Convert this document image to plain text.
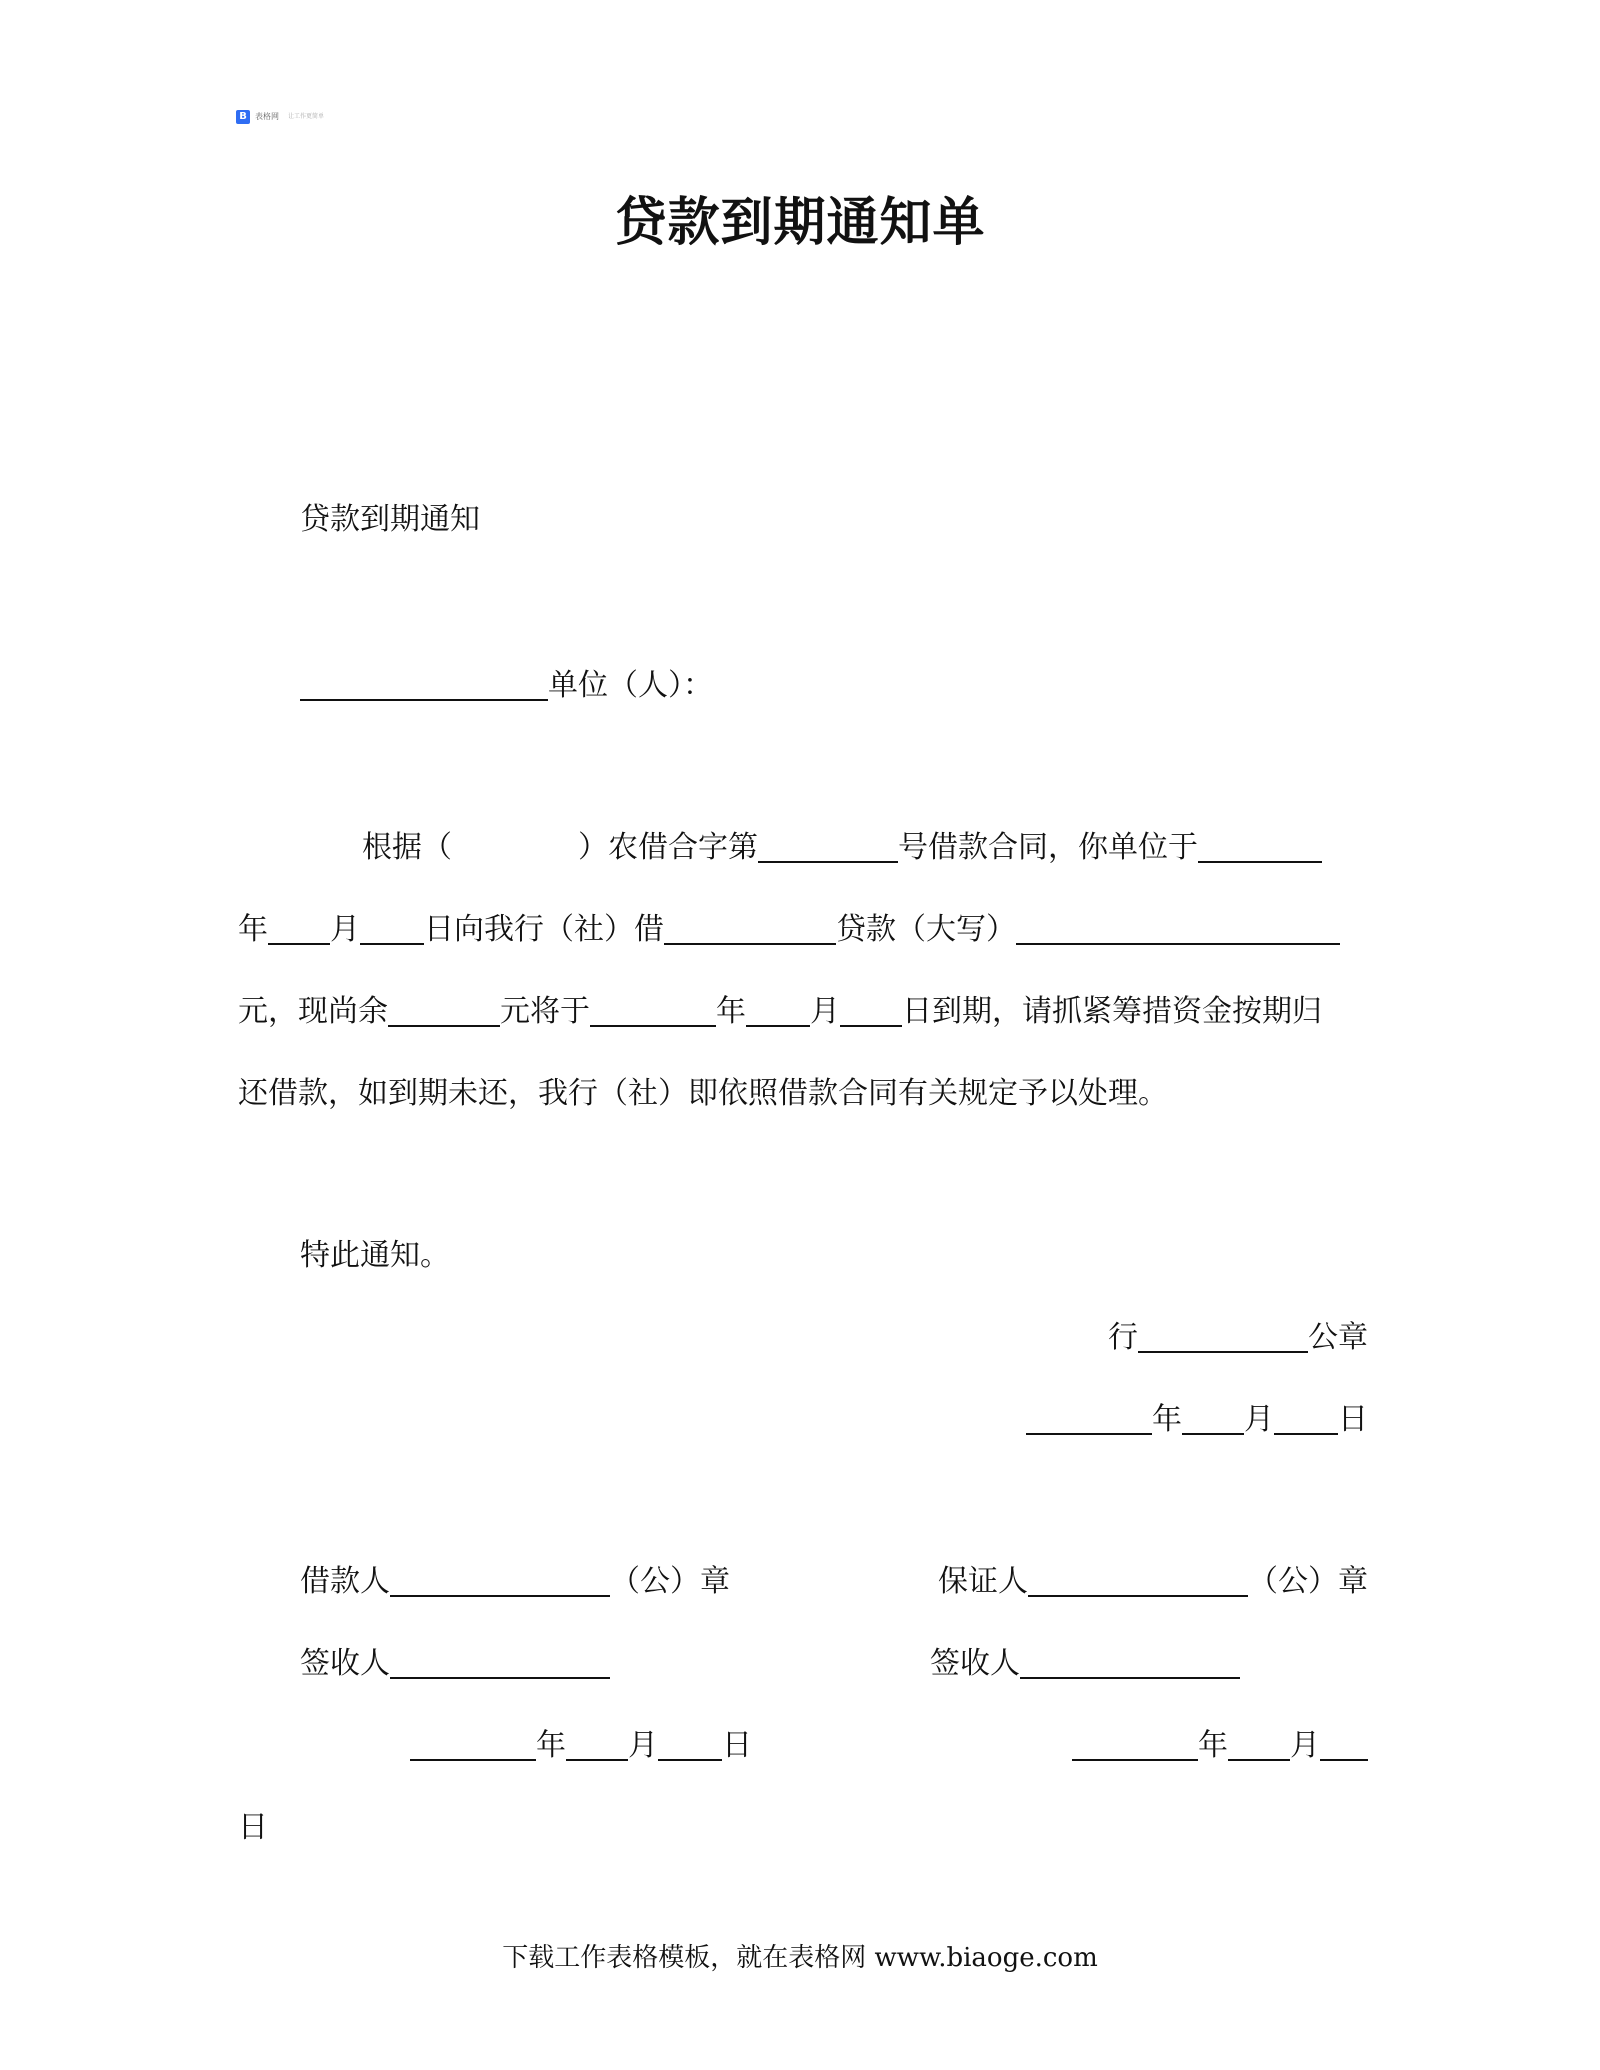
B	表格网 让工作更简单
贷款到期通知单
贷款到期通知
单位（人）：
根据（	）农借合字第	号借款合同，你单位于
年 月 日向我行（社）借	贷款（大写）
元，现尚余	元将于	年 月 日到期，请抓紧筹措资金按期归
还借款，如到期未还，我行（社）即依照借款合同有关规定予以处理。
特此通知。
行	公章
年 月 日
借款人	（公）章	保证人	（公）章
签收人	签收人
年 月 日	年 月
日
下载工作表格模板，就在表格网 www.biaoge.com
